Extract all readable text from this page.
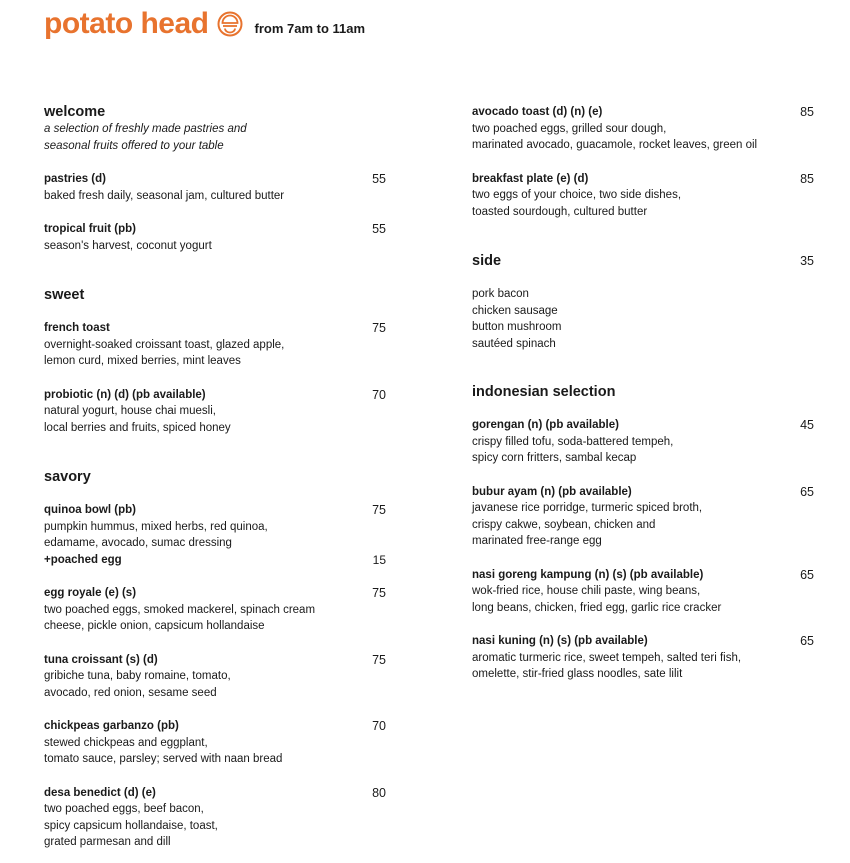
potato head	from 7am to 11am
welcome
a selection of freshly made pastries and
seasonal fruits offered to your table
pastries (d)	55
baked fresh daily, seasonal jam, cultured butter
tropical fruit (pb)	55
season's harvest, coconut yogurt
sweet
french toast	75
overnight-soaked croissant toast, glazed apple,
lemon curd, mixed berries, mint leaves
probiotic (n) (d) (pb available)	70
natural yogurt, house chai muesli,
local berries and fruits, spiced honey
savory
quinoa bowl (pb)	75
pumpkin hummus, mixed herbs, red quinoa,
edamame, avocado, sumac dressing
+poached egg	15
egg royale (e) (s)	75
two poached eggs, smoked mackerel, spinach cream
cheese, pickle onion, capsicum hollandaise
tuna croissant (s) (d)	75
gribiche tuna, baby romaine, tomato,
avocado, red onion, sesame seed
chickpeas garbanzo (pb)	70
stewed chickpeas and eggplant,
tomato sauce, parsley; served with naan bread
desa benedict (d) (e)	80
two poached eggs, beef bacon,
spicy capsicum hollandaise, toast,
grated parmesan and dill
avocado toast (d) (n) (e)	85
two poached eggs, grilled sour dough,
marinated avocado, guacamole, rocket leaves, green oil
breakfast plate (e) (d)	85
two eggs of your choice, two side dishes,
toasted sourdough, cultured butter
side	35
pork bacon
chicken sausage
button mushroom
sautéed spinach
indonesian selection
gorengan (n) (pb available)	45
crispy filled tofu, soda-battered tempeh,
spicy corn fritters, sambal kecap
bubur ayam (n) (pb available)	65
javanese rice porridge, turmeric spiced broth,
crispy cakwe, soybean, chicken and
marinated free-range egg
nasi goreng kampung (n) (s) (pb available)	65
wok-fried rice, house chili paste, wing beans,
long beans, chicken, fried egg, garlic rice cracker
nasi kuning (n) (s) (pb available)	65
aromatic turmeric rice, sweet tempeh, salted teri fish,
omelette, stir-fried glass noodles, sate lilit
